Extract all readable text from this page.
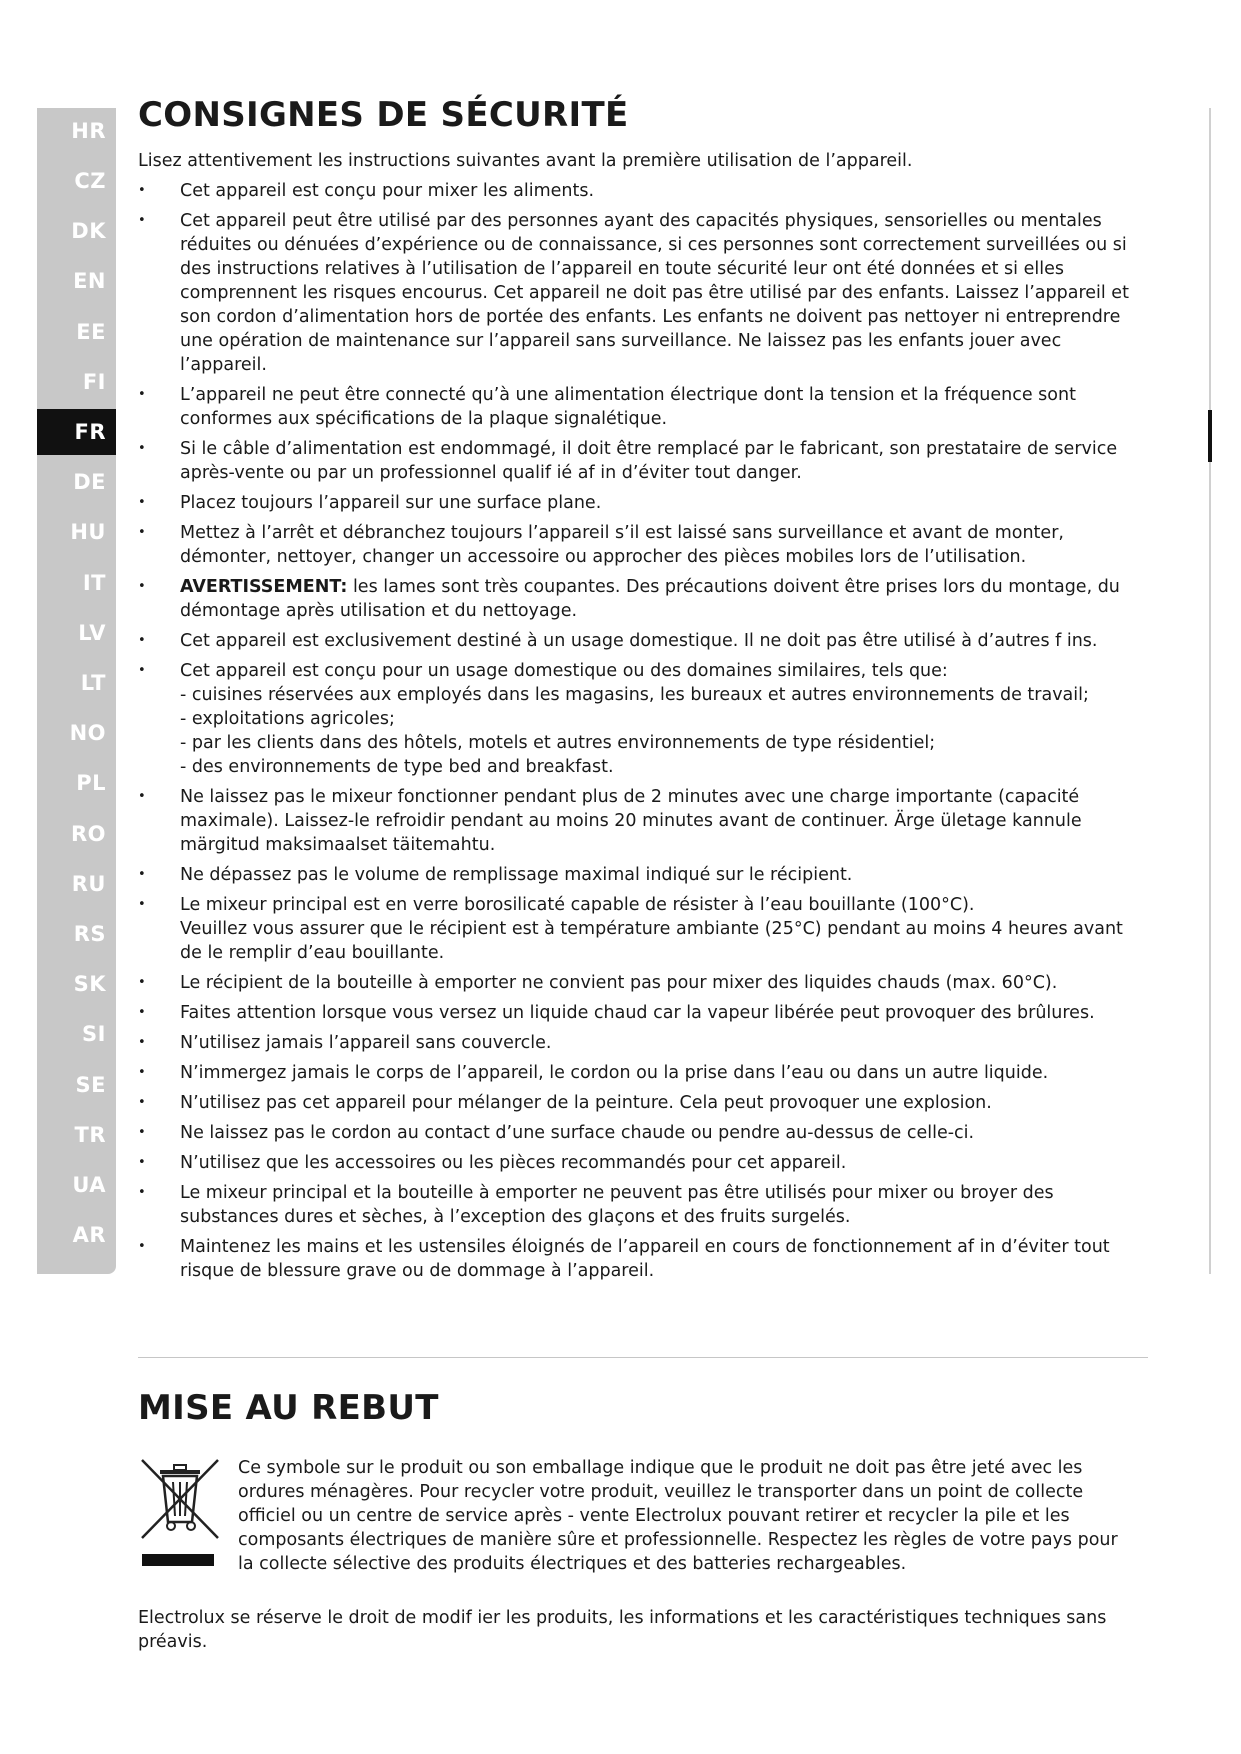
HR
CZ
DK
EN
EE
FI
FR
DE
HU
IT
LV
LT
NO
PL
RO
RU
RS
SK
SI
SE
TR
UA
AR
CONSIGNES DE SÉCURITÉ
Lisez attentivement les instructions suivantes avant la première utilisation de l’appareil.
• Cet appareil est conçu pour mixer les aliments.
• Cet appareil peut être utilisé par des personnes ayant des capacités physiques, sensorielles ou mentales réduites ou dénuées d’expérience ou de connaissance, si ces personnes sont correctement surveillées ou si des instructions relatives à l’utilisation de l’appareil en toute sécurité leur ont été données et si elles comprennent les risques encourus. Cet appareil ne doit pas être utilisé par des enfants. Laissez l’appareil et son cordon d’alimentation hors de portée des enfants. Les enfants ne doivent pas nettoyer ni entreprendre une opération de maintenance sur l’appareil sans surveillance. Ne laissez pas les enfants jouer avec l’appareil.
• L’appareil ne peut être connecté qu’à une alimentation électrique dont la tension et la fréquence sont conformes aux spécifications de la plaque signalétique.
• Si le câble d’alimentation est endommagé, il doit être remplacé par le fabricant, son prestataire de service après-vente ou par un professionnel qualif ié af in d’éviter tout danger.
• Placez toujours l’appareil sur une surface plane.
• Mettez à l’arrêt et débranchez toujours l’appareil s’il est laissé sans surveillance et avant de monter, démonter, nettoyer, changer un accessoire ou approcher des pièces mobiles lors de l’utilisation.
• AVERTISSEMENT: les lames sont très coupantes. Des précautions doivent être prises lors du montage, du démontage après utilisation et du nettoyage.
• Cet appareil est exclusivement destiné à un usage domestique. Il ne doit pas être utilisé à d’autres f ins.
• Cet appareil est conçu pour un usage domestique ou des domaines similaires, tels que:
- cuisines réservées aux employés dans les magasins, les bureaux et autres environnements de travail;
- exploitations agricoles;
- par les clients dans des hôtels, motels et autres environnements de type résidentiel;
- des environnements de type bed and breakfast.
• Ne laissez pas le mixeur fonctionner pendant plus de 2 minutes avec une charge importante (capacité maximale). Laissez-le refroidir pendant au moins 20 minutes avant de continuer. Ärge ületage kannule märgitud maksimaalset täitemahtu.
• Ne dépassez pas le volume de remplissage maximal indiqué sur le récipient.
• Le mixeur principal est en verre borosilicaté capable de résister à l’eau bouillante (100°C).
Veuillez vous assurer que le récipient est à température ambiante (25°C) pendant au moins 4 heures avant de le remplir d’eau bouillante.
• Le récipient de la bouteille à emporter ne convient pas pour mixer des liquides chauds (max. 60°C).
• Faites attention lorsque vous versez un liquide chaud car la vapeur libérée peut provoquer des brûlures.
• N’utilisez jamais l’appareil sans couvercle.
• N’immergez jamais le corps de l’appareil, le cordon ou la prise dans l’eau ou dans un autre liquide.
• N’utilisez pas cet appareil pour mélanger de la peinture. Cela peut provoquer une explosion.
• Ne laissez pas le cordon au contact d’une surface chaude ou pendre au-dessus de celle-ci.
• N’utilisez que les accessoires ou les pièces recommandés pour cet appareil.
• Le mixeur principal et la bouteille à emporter ne peuvent pas être utilisés pour mixer ou broyer des substances dures et sèches, à l’exception des glaçons et des fruits surgelés.
• Maintenez les mains et les ustensiles éloignés de l’appareil en cours de fonctionnement af in d’éviter tout risque de blessure grave ou de dommage à l’appareil.
MISE AU REBUT
Ce symbole sur le produit ou son emballage indique que le produit ne doit pas être jeté avec les ordures ménagères. Pour recycler votre produit, veuillez le transporter dans un point de collecte officiel ou un centre de service après - vente Electrolux pouvant retirer et recycler la pile et les composants électriques de manière sûre et professionnelle. Respectez les règles de votre pays pour la collecte sélective des produits électriques et des batteries rechargeables.
Electrolux se réserve le droit de modif ier les produits, les informations et les caractéristiques techniques sans préavis.
